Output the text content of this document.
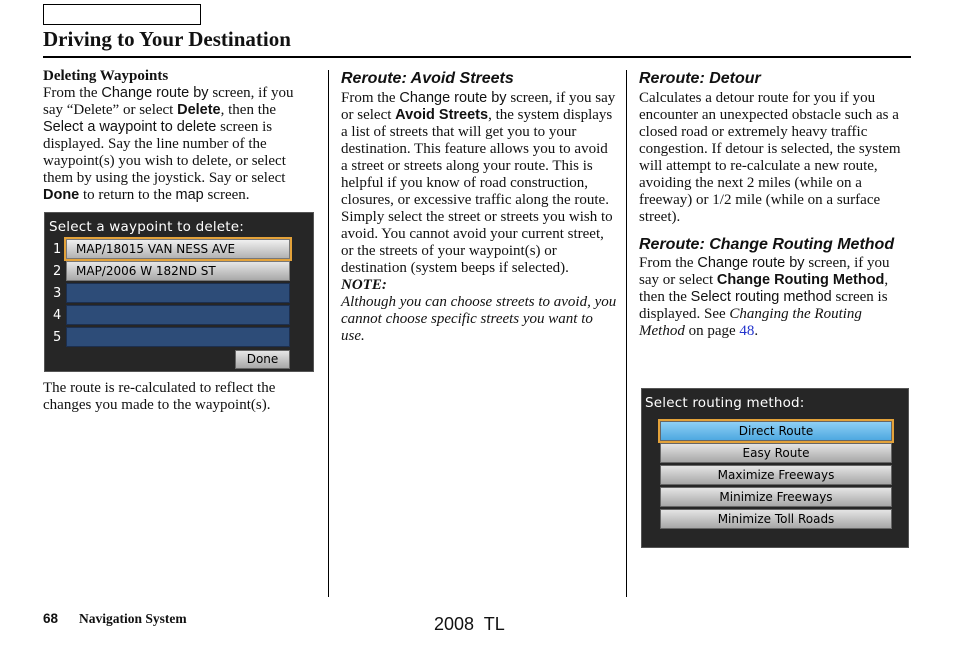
Driving to Your Destination

Deleting Waypoints

From the Change route by screen, if you say “Delete” or select Delete, then the Select a waypoint to delete screen is displayed. Say the line number of the waypoint(s) you wish to delete, or select them by using the joystick. Say or select Done to return to the map screen.

The route is re-calculated to reflect the changes you made to the waypoint(s).

Select a waypoint to delete:
1	MAP/18015 VAN NESS AVE
2	MAP/2006 W 182ND ST
3
4
5
Done

Reroute: Avoid Streets

From the Change route by screen, if you say or select Avoid Streets, the system displays a list of streets that will get you to your destination. This feature allows you to avoid a street or streets along your route. This is helpful if you know of road construction, closures, or excessive traffic along the route. Simply select the street or streets you wish to avoid. You cannot avoid your current street, or the streets of your waypoint(s) or destination (system beeps if selected).

NOTE:

Although you can choose streets to avoid, you cannot choose specific streets you want to use.

Reroute: Detour

Calculates a detour route for you if you encounter an unexpected obstacle such as a closed road or extremely heavy traffic congestion. If detour is selected, the system will attempt to re-calculate a new route, avoiding the next 2 miles (while on a freeway) or 1/2 mile (while on a surface street).

Reroute: Change Routing Method

From the Change route by screen, if you say or select Change Routing Method, then the Select routing method screen is displayed. See Changing the Routing Method on page 48.

Select routing method:
Direct Route
Easy Route
Maximize Freeways
Minimize Freeways
Minimize Toll Roads
68 Navigation System	2008  TL
